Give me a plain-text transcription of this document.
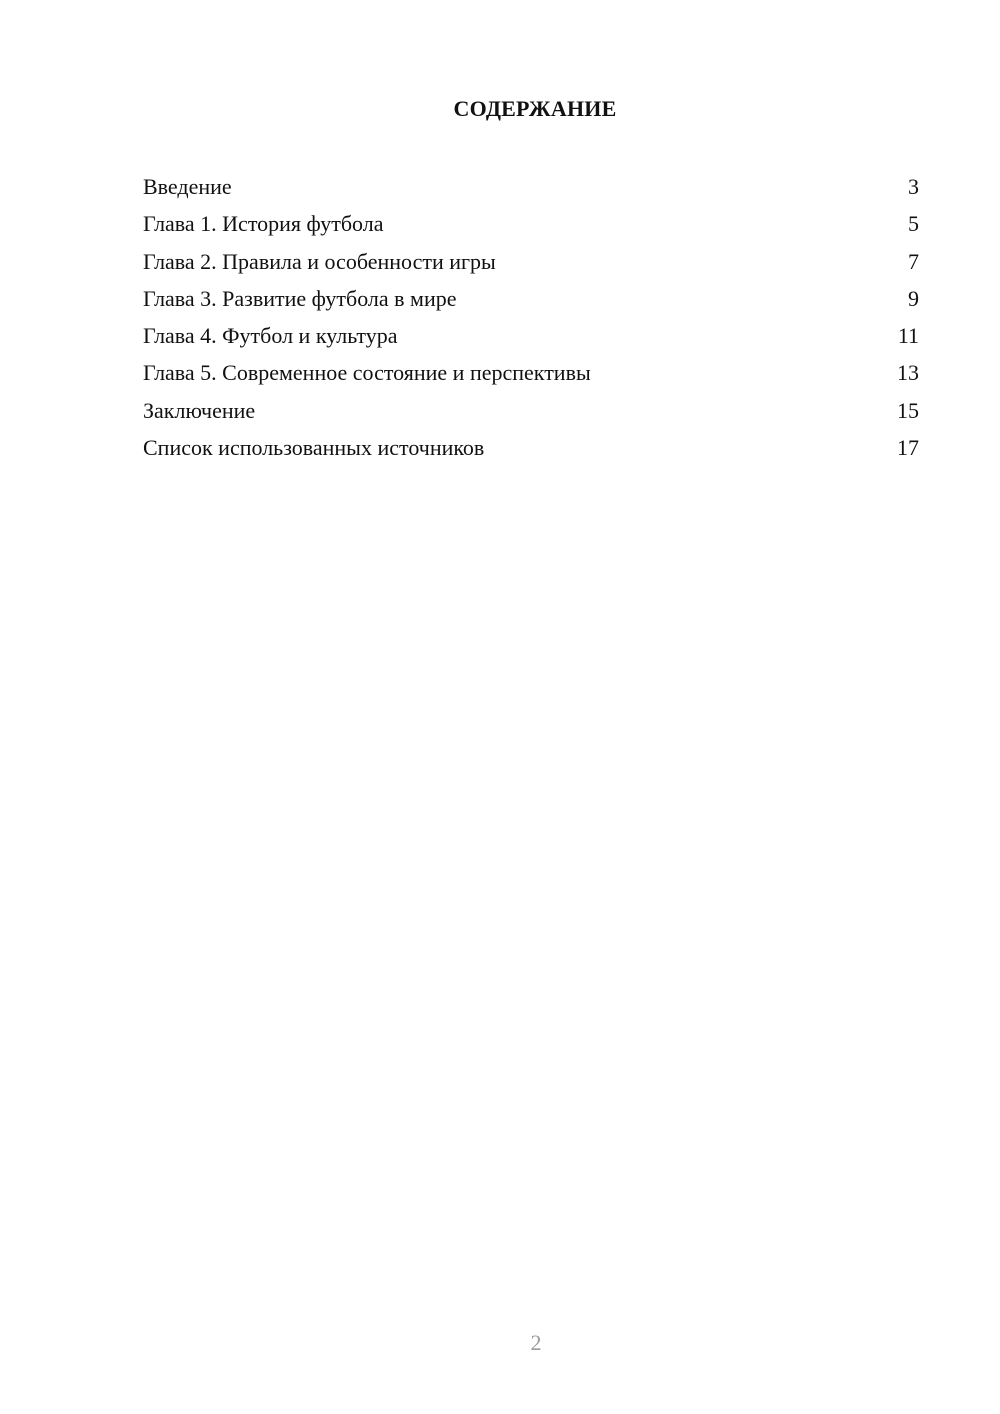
СОДЕРЖАНИЕ
Введение	3
Глава 1. История футбола	5
Глава 2. Правила и особенности игры	7
Глава 3. Развитие футбола в мире	9
Глава 4. Футбол и культура	11
Глава 5. Современное состояние и перспективы	13
Заключение	15
Список использованных источников	17
2
